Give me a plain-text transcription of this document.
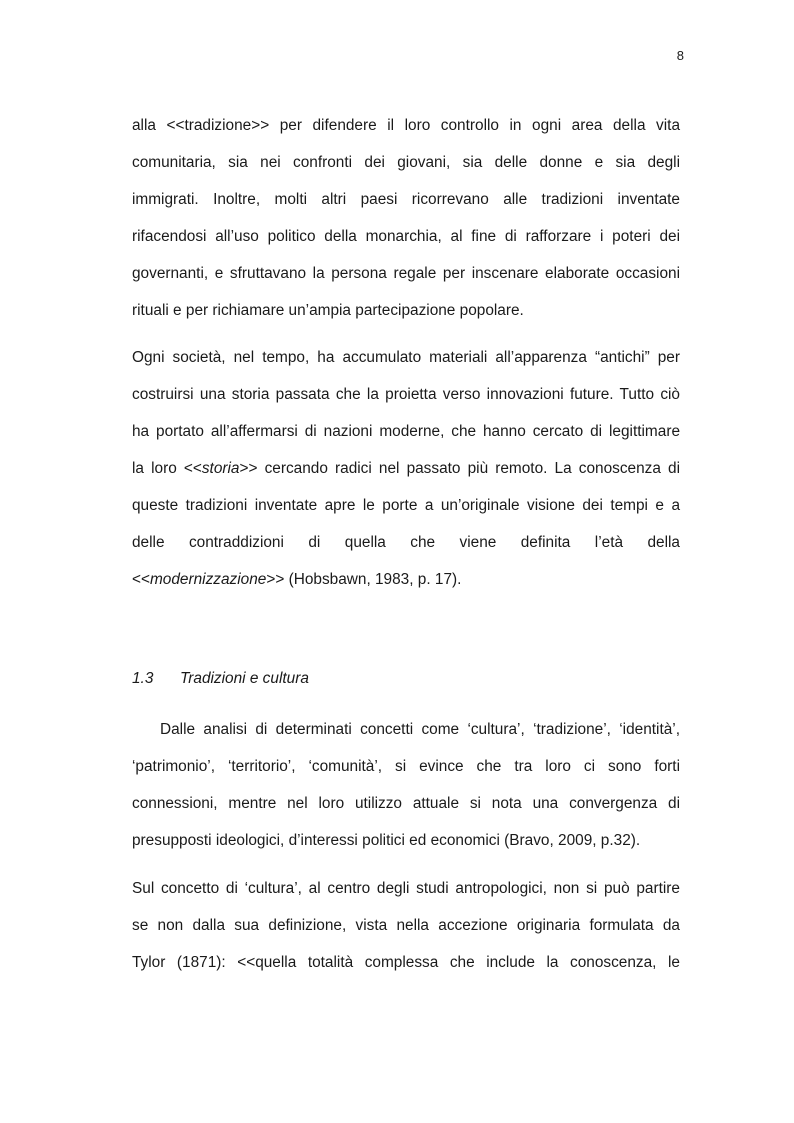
8
alla <<tradizione>> per difendere il loro controllo in ogni area della vita
comunitaria, sia nei confronti dei giovani, sia delle donne e sia degli
immigrati. Inoltre, molti altri paesi ricorrevano alle tradizioni inventate
rifacendosi all’uso politico della monarchia, al fine di rafforzare i poteri dei
governanti, e sfruttavano la persona regale per inscenare elaborate occasioni
rituali e per richiamare un’ampia partecipazione popolare.
Ogni società, nel tempo, ha accumulato materiali all’apparenza “antichi” per
costruirsi una storia passata che la proietta verso innovazioni future. Tutto ciò
ha portato all’affermarsi di nazioni moderne, che hanno cercato di legittimare
la loro <<storia>> cercando radici nel passato più remoto. La conoscenza di
queste tradizioni inventate apre le porte a un’originale visione dei tempi e a
delle contraddizioni di quella che viene definita l’età della
<<modernizzazione>> (Hobsbawn, 1983, p. 17).
1.3 Tradizioni e cultura
Dalle analisi di determinati concetti come ‘cultura’, ‘tradizione’, ‘identità’,
‘patrimonio’, ‘territorio’, ‘comunità’, si evince che tra loro ci sono forti
connessioni, mentre nel loro utilizzo attuale si nota una convergenza di
presupposti ideologici, d’interessi politici ed economici (Bravo, 2009, p.32).
Sul concetto di ‘cultura’, al centro degli studi antropologici, non si può partire
se non dalla sua definizione, vista nella accezione originaria formulata da
Tylor (1871): <<quella totalità complessa che include la conoscenza, le
